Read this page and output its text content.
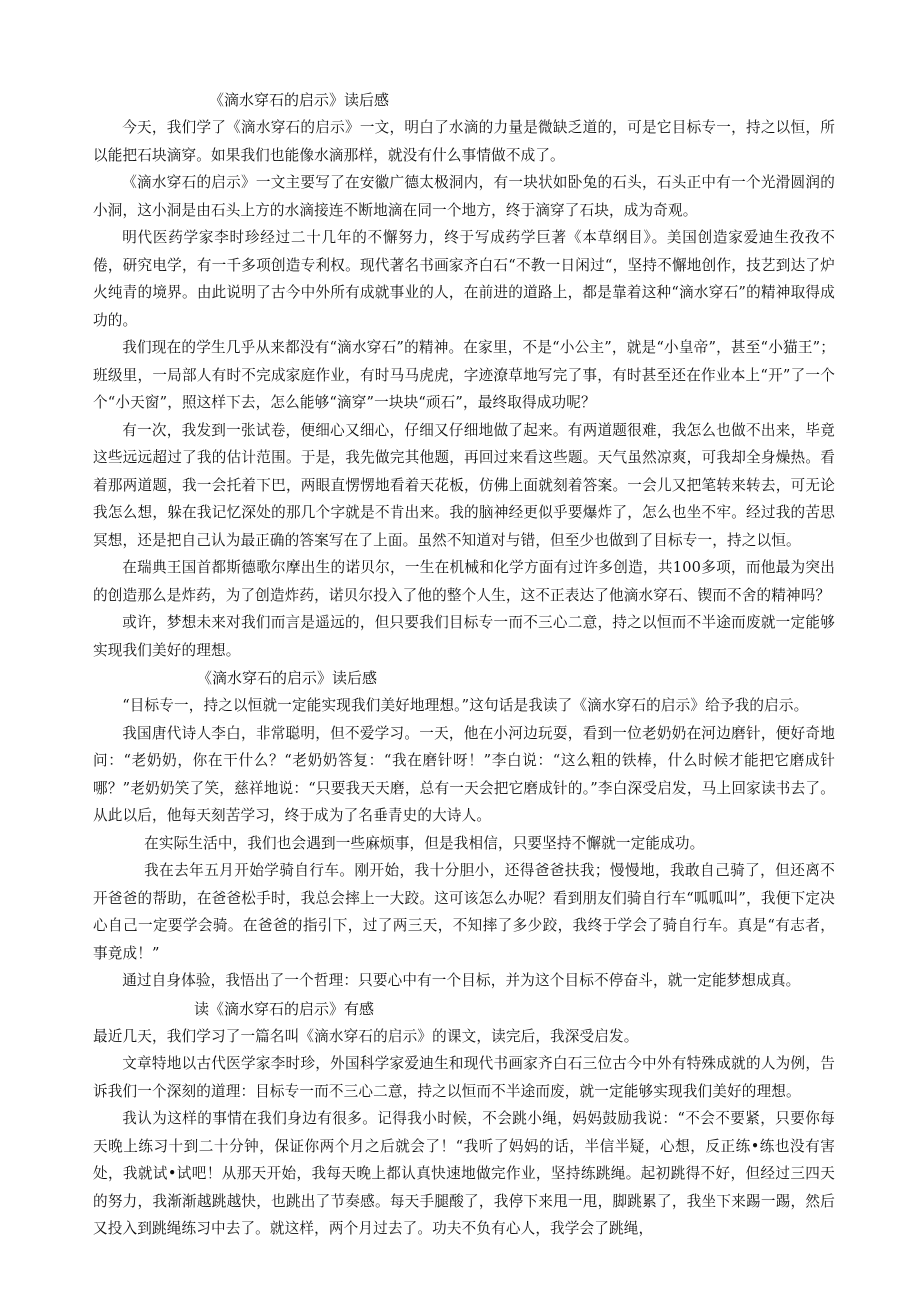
《滴水穿石的启示》读后感

今天，我们学了《滴水穿石的启示》一文，明白了水滴的力量是微缺乏道的，可是它目标专一，持之以恒，所以能把石块滴穿。如果我们也能像水滴那样，就没有什么事情做不成了。

《滴水穿石的启示》一文主要写了在安徽广德太极洞内，有一块状如卧兔的石头，石头正中有一个光滑圆润的小洞，这小洞是由石头上方的水滴接连不断地滴在同一个地方，终于滴穿了石块，成为奇观。

明代医药学家李时珍经过二十几年的不懈努力，终于写成药学巨著《本草纲目》。美国创造家爱迪生孜孜不倦，研究电学，有一千多项创造专利权。现代著名书画家齐白石“不教一日闲过“，坚持不懈地创作，技艺到达了炉火纯青的境界。由此说明了古今中外所有成就事业的人，在前进的道路上，都是靠着这种“滴水穿石”的精神取得成功的。

我们现在的学生几乎从来都没有“滴水穿石”的精神。在家里，不是“小公主”，就是“小皇帝”，甚至“小猫王”；班级里，一局部人有时不完成家庭作业，有时马马虎虎，字迹潦草地写完了事，有时甚至还在作业本上“开”了一个个“小天窗”，照这样下去，怎么能够“滴穿”一块块“顽石”，最终取得成功呢？

有一次，我发到一张试卷，便细心又细心，仔细又仔细地做了起来。有两道题很难，我怎么也做不出来，毕竟这些远远超过了我的估计范围。于是，我先做完其他题，再回过来看这些题。天气虽然凉爽，可我却全身燥热。看着那两道题，我一会托着下巴，两眼直愣愣地看着天花板，仿佛上面就刻着答案。一会儿又把笔转来转去，可无论我怎么想，躲在我记忆深处的那几个字就是不肯出来。我的脑神经更似乎要爆炸了，怎么也坐不牢。经过我的苦思冥想，还是把自己认为最正确的答案写在了上面。虽然不知道对与错，但至少也做到了目标专一，持之以恒。

在瑞典王国首都斯德歌尔摩出生的诺贝尔，一生在机械和化学方面有过许多创造，共100多项，而他最为突出的创造那么是炸药，为了创造炸药，诺贝尔投入了他的整个人生，这不正表达了他滴水穿石、锲而不舍的精神吗？

或许，梦想未来对我们而言是遥远的，但只要我们目标专一而不三心二意，持之以恒而不半途而废就一定能够实现我们美好的理想。

《滴水穿石的启示》读后感

“目标专一，持之以恒就一定能实现我们美好地理想。”这句话是我读了《滴水穿石的启示》给予我的启示。

我国唐代诗人李白，非常聪明，但不爱学习。一天，他在小河边玩耍，看到一位老奶奶在河边磨针，便好奇地问：“老奶奶，你在干什么？“老奶奶答复：“我在磨针呀！”李白说：“这么粗的铁棒，什么时候才能把它磨成针哪？”老奶奶笑了笑，慈祥地说：“只要我天天磨，总有一天会把它磨成针的。”李白深受启发，马上回家读书去了。从此以后，他每天刻苦学习，终于成为了名垂青史的大诗人。

在实际生活中，我们也会遇到一些麻烦事，但是我相信，只要坚持不懈就一定能成功。

我在去年五月开始学骑自行车。刚开始，我十分胆小，还得爸爸扶我；慢慢地，我敢自己骑了，但还离不开爸爸的帮助，在爸爸松手时，我总会摔上一大跤。这可该怎么办呢？看到朋友们骑自行车“呱呱叫”，我便下定决心自己一定要学会骑。在爸爸的指引下，过了两三天，不知摔了多少跤，我终于学会了骑自行车。真是“有志者，事竟成！”

通过自身体验，我悟出了一个哲理：只要心中有一个目标，并为这个目标不停奋斗，就一定能梦想成真。

读《滴水穿石的启示》有感

最近几天，我们学习了一篇名叫《滴水穿石的启示》的课文，读完后，我深受启发。

文章特地以古代医学家李时珍，外国科学家爱迪生和现代书画家齐白石三位古今中外有特殊成就的人为例，告诉我们一个深刻的道理：目标专一而不三心二意，持之以恒而不半途而废，就一定能够实现我们美好的理想。

我认为这样的事情在我们身边有很多。记得我小时候，不会跳小绳，妈妈鼓励我说：“不会不要紧，只要你每天晚上练习十到二十分钟，保证你两个月之后就会了！“我听了妈妈的话，半信半疑，心想，反正练•练也没有害处，我就试•试吧！从那天开始，我每天晚上都认真快速地做完作业，坚持练跳绳。起初跳得不好，但经过三四天的努力，我渐渐越跳越快，也跳出了节奏感。每天手腿酸了，我停下来甩一甩，脚跳累了，我坐下来踢一踢，然后又投入到跳绳练习中去了。就这样，两个月过去了。功夫不负有心人，我学会了跳绳，
